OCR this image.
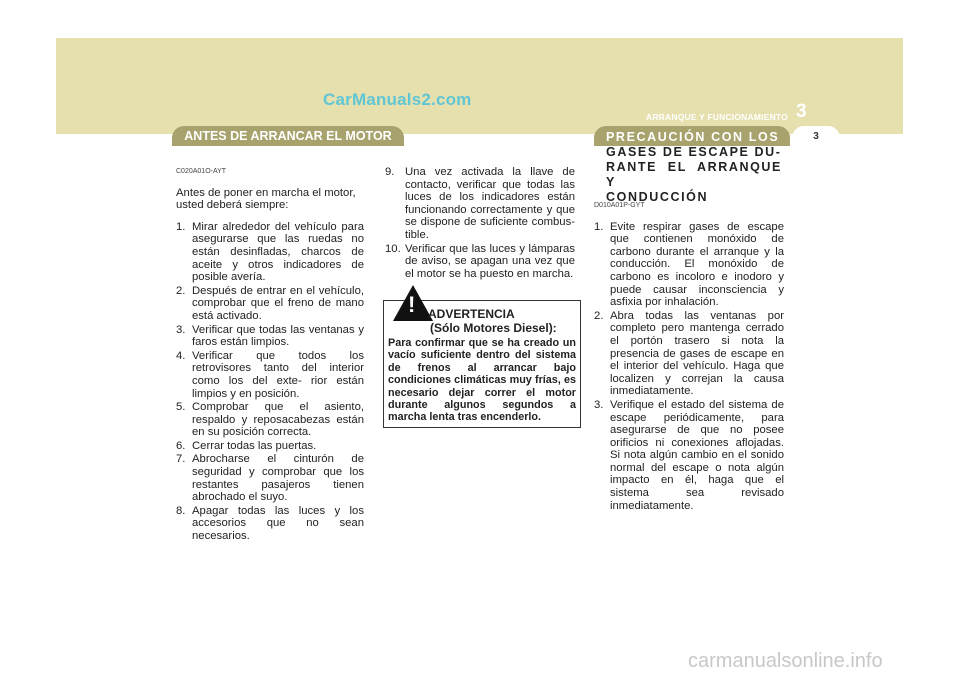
CarManuals2.com
ARRANQUE Y FUNCIONAMIENTO 3
ANTES DE ARRANCAR EL MOTOR	3
PRECAUCIÓN CON LOS
GASES DE ESCAPE DU-
RANTE EL ARRANQUE Y
CONDUCCIÓN
C020A01O-AYT

Antes de poner en marcha el motor, usted deberá siempre:

1. Mirar alrededor del vehículo para asegurarse que las ruedas no están desinfladas, charcos de aceite y otros indicadores de posible avería.
2. Después de entrar en el vehículo, comprobar que el freno de mano está activado.
3. Verificar que todas las ventanas y faros están limpios.
4. Verificar que todos los retrovisores tanto del interior como los del exte- rior están limpios y en posición.
5. Comprobar que el asiento, respaldo y reposacabezas están en su posición correcta.
6. Cerrar todas las puertas.
7. Abrocharse el cinturón de seguridad y comprobar que los restantes pasajeros tienen abrochado el suyo.
8. Apagar todas las luces y los accesorios que no sean necesarios.
9. Una vez activada la llave de contacto, verificar que todas las luces de los indicadores están funcionando correctamente y que se dispone de suficiente combus- tible.
10. Verificar que las luces y lámparas de aviso, se apagan una vez que el motor se ha puesto en marcha.
! ADVERTENCIA
(Sólo Motores Diesel):
Para confirmar que se ha creado un vacío suficiente dentro del sistema de frenos al arrancar bajo condiciones climáticas muy frías, es necesario dejar correr el motor durante algunos segundos a marcha lenta tras encenderlo.
D010A01P-GYT
1. Evite respirar gases de escape que contienen monóxido de carbono durante el arranque y la conducción. El monóxido de carbono es incoloro e inodoro y puede causar inconsciencia y asfixia por inhalación.
2. Abra todas las ventanas por completo pero mantenga cerrado el portón trasero si nota la presencia de gases de escape en el interior del vehículo. Haga que localizen y correjan la causa inmediatamente.
3. Verifique el estado del sistema de escape periódicamente, para asegurarse de que no posee orificios ni conexiones aflojadas. Si nota algún cambio en el sonido normal del escape o nota algún impacto en él, haga que el sistema sea revisado inmediatamente.
carmanualsonline.info
